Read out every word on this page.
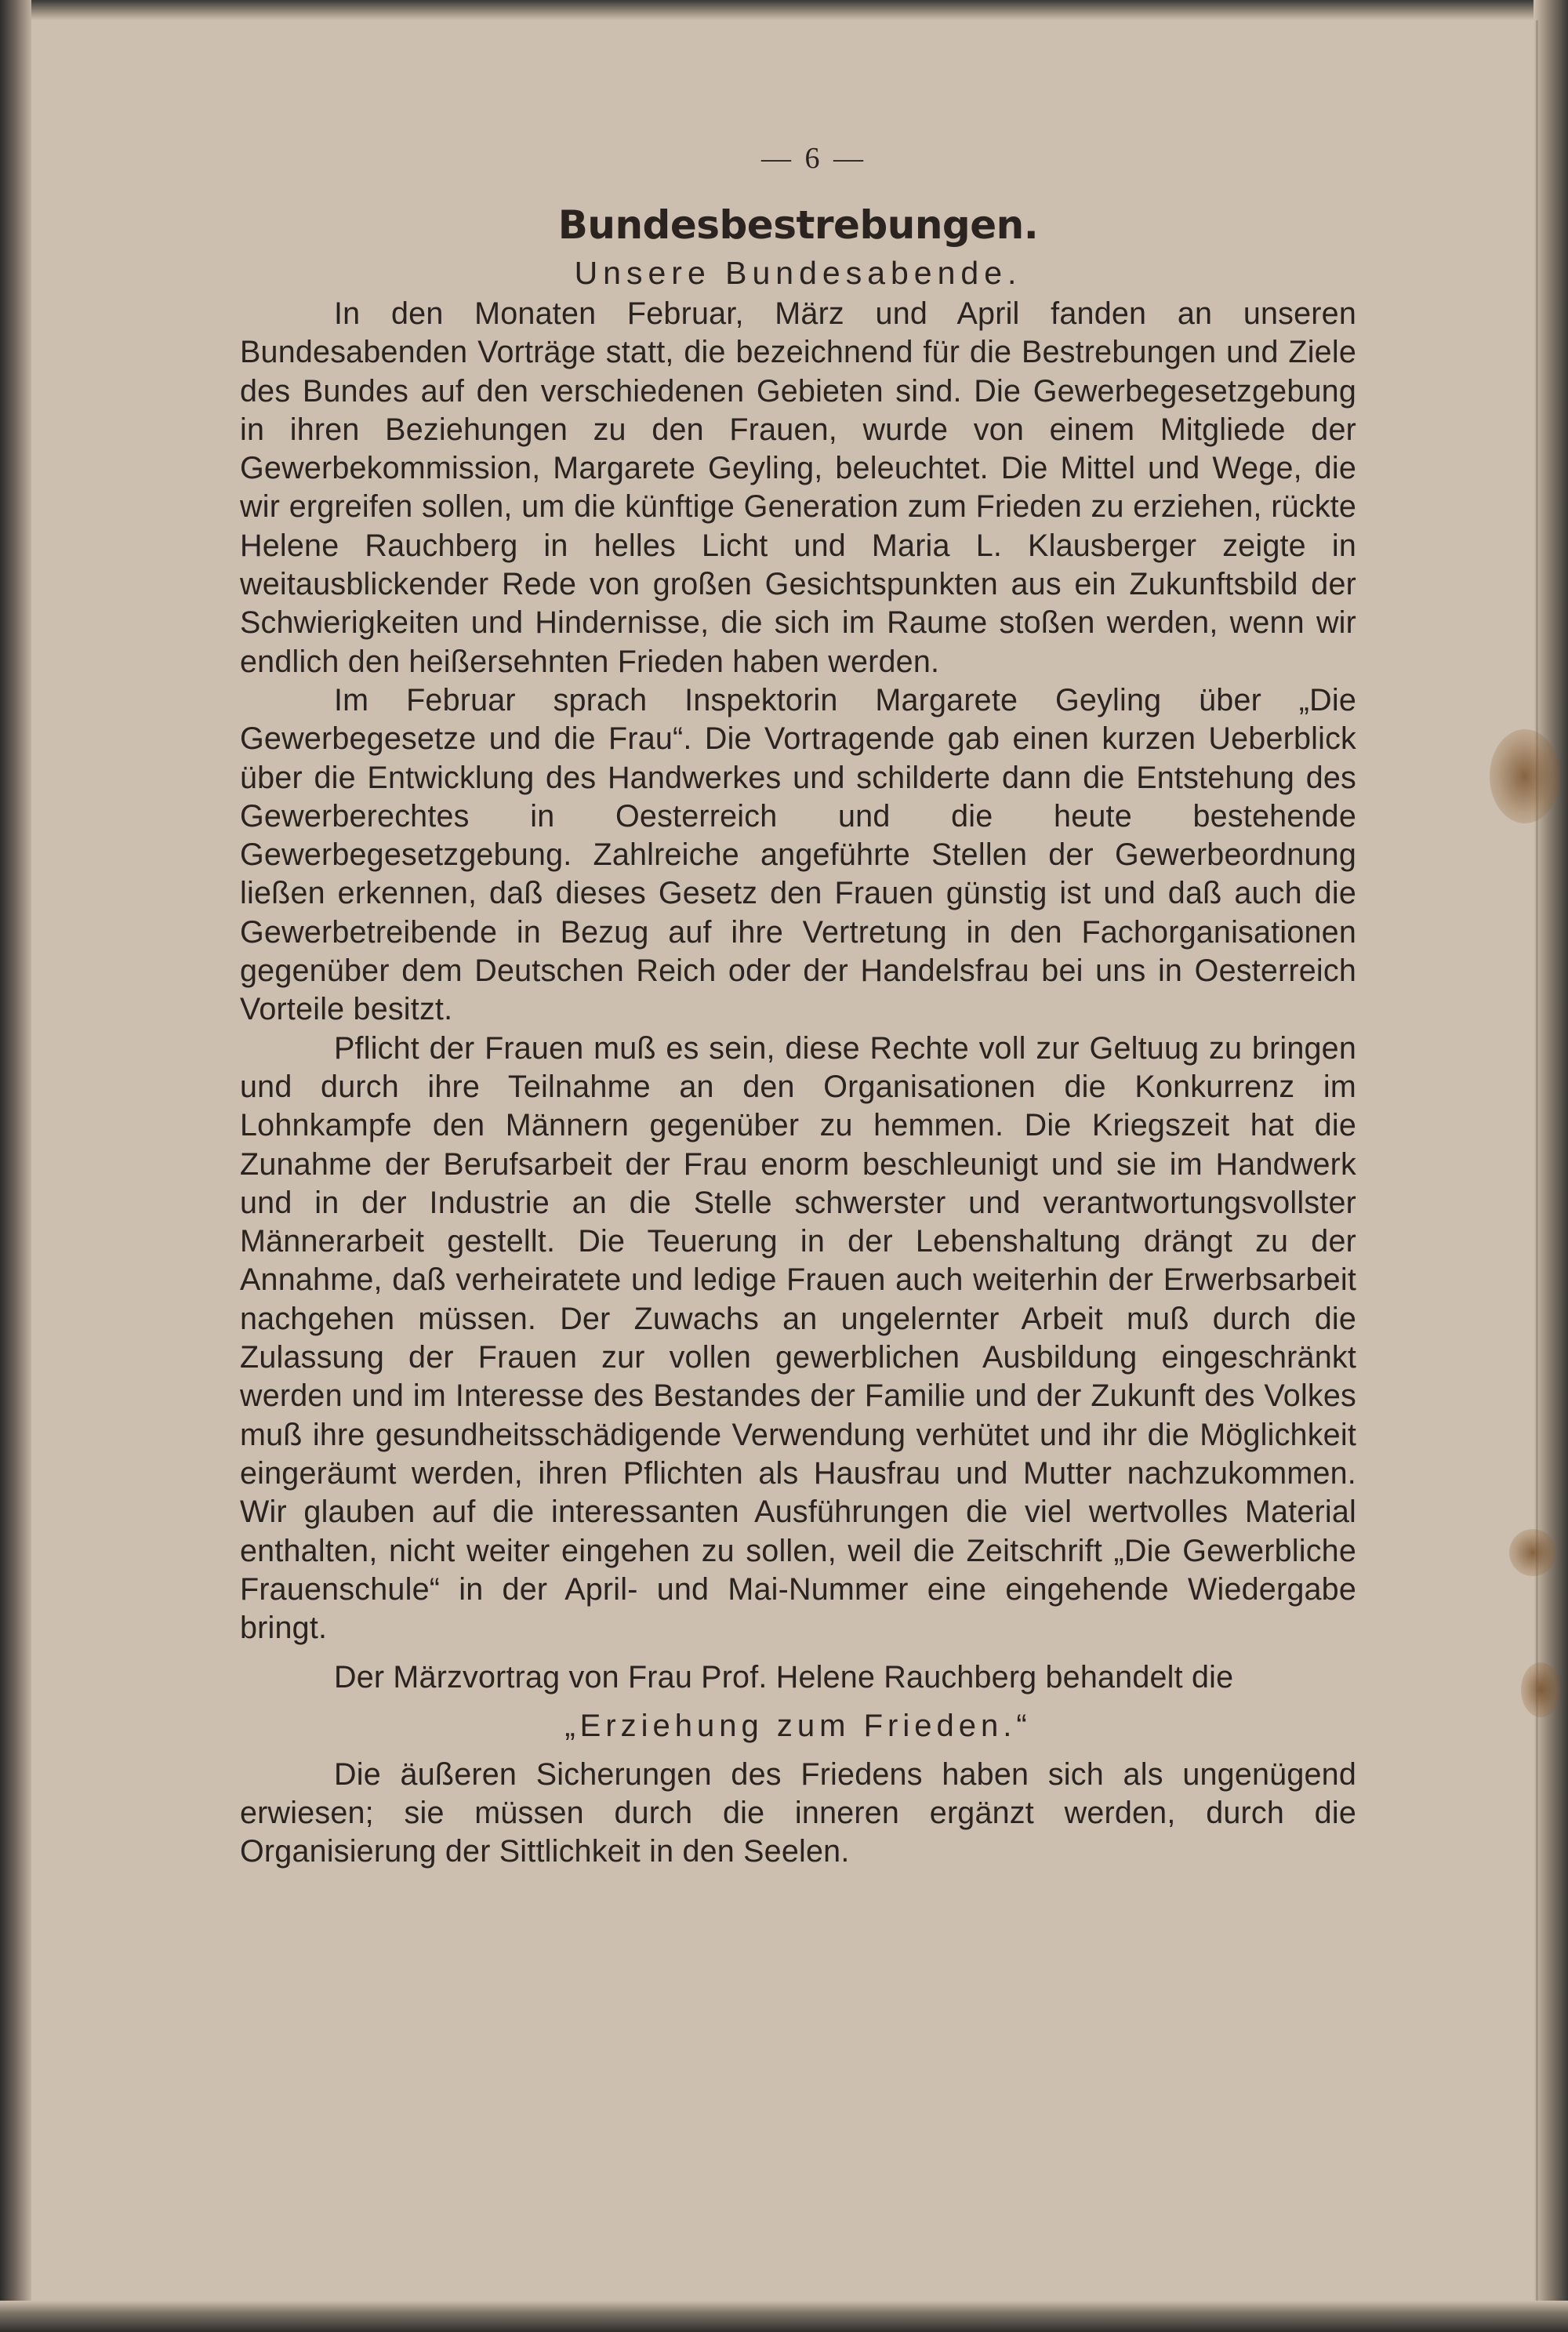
— 6 —
Bundesbestrebungen.
Unsere Bundesabende.

In den Monaten Februar, März und April fanden an unseren Bundesabenden Vorträge statt, die bezeichnend für die Bestrebungen und Ziele des Bundes auf den verschiedenen Gebieten sind. Die Gewerbegesetzgebung in ihren Beziehungen zu den Frauen, wurde von einem Mitgliede der Gewerbekommission, Margarete Geyling, beleuchtet. Die Mittel und Wege, die wir ergreifen sollen, um die künftige Generation zum Frieden zu erziehen, rückte Helene Rauchberg in helles Licht und Maria L. Klausberger zeigte in weitausblickender Rede von großen Gesichtspunkten aus ein Zukunftsbild der Schwierigkeiten und Hindernisse, die sich im Raume stoßen werden, wenn wir endlich den heißersehnten Frieden haben werden.

Im Februar sprach Inspektorin Margarete Geyling über „Die Gewerbegesetze und die Frau“. Die Vortragende gab einen kurzen Ueberblick über die Entwicklung des Handwerkes und schilderte dann die Entstehung des Gewerberechtes in Oesterreich und die heute bestehende Gewerbegesetzgebung. Zahlreiche angeführte Stellen der Gewerbeordnung ließen erkennen, daß dieses Gesetz den Frauen günstig ist und daß auch die Gewerbetreibende in Bezug auf ihre Vertretung in den Fachorganisationen gegenüber dem Deutschen Reich oder der Handelsfrau bei uns in Oesterreich Vorteile besitzt.

Pflicht der Frauen muß es sein, diese Rechte voll zur Geltuug zu bringen und durch ihre Teilnahme an den Organisationen die Konkurrenz im Lohnkampfe den Männern gegenüber zu hemmen. Die Kriegszeit hat die Zunahme der Berufsarbeit der Frau enorm beschleunigt und sie im Handwerk und in der Industrie an die Stelle schwerster und verantwortungsvollster Männerarbeit gestellt. Die Teuerung in der Lebenshaltung drängt zu der Annahme, daß verheiratete und ledige Frauen auch weiterhin der Erwerbsarbeit nachgehen müssen. Der Zuwachs an ungelernter Arbeit muß durch die Zulassung der Frauen zur vollen gewerblichen Ausbildung eingeschränkt werden und im Interesse des Bestandes der Familie und der Zukunft des Volkes muß ihre gesundheitsschädigende Verwendung verhütet und ihr die Möglichkeit eingeräumt werden, ihren Pflichten als Hausfrau und Mutter nachzukommen. Wir glauben auf die interessanten Ausführungen die viel wertvolles Material enthalten, nicht weiter eingehen zu sollen, weil die Zeitschrift „Die Gewerbliche Frauenschule“ in der April- und Mai-Nummer eine eingehende Wiedergabe bringt.

Der Märzvortrag von Frau Prof. Helene Rauchberg behandelt die

„Erziehung zum Frieden.“

Die äußeren Sicherungen des Friedens haben sich als ungenügend erwiesen; sie müssen durch die inneren ergänzt werden, durch die Organisierung der Sittlichkeit in den Seelen.
